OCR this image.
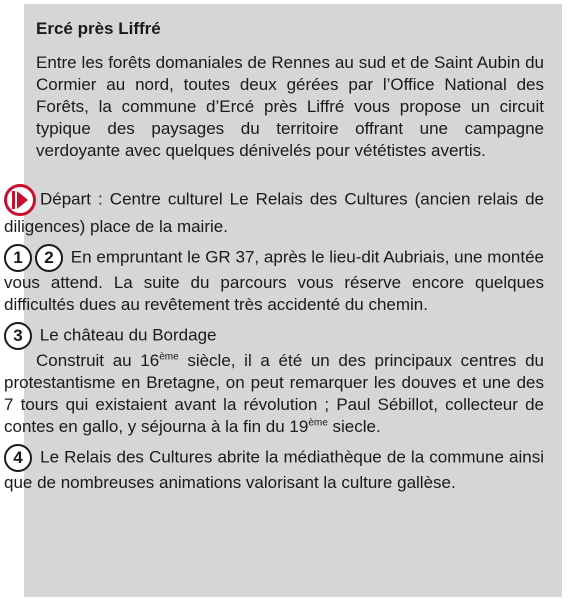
Ercé près Liffré

Entre les forêts domaniales de Rennes au sud et de Saint Aubin du Cormier au nord, toutes deux gérées par l’Office National des Forêts, la commune d’Ercé près Liffré vous propose un circuit typique des paysages du territoire offrant une campagne verdoyante avec quelques dénivelés pour vététistes avertis.

Départ : Centre culturel Le Relais des Cultures (ancien relais de diligences) place de la mairie.

1 2 En empruntant le GR 37, après le lieu-dit Aubriais, une montée vous attend. La suite du parcours vous réserve encore quelques difficultés dues au revêtement très accidenté du chemin.

3 Le château du Bordage
Construit au 16ème siècle, il a été un des principaux centres du protestantisme en Bretagne, on peut remarquer les douves et une des 7 tours qui existaient avant la révolution ; Paul Sébillot, collecteur de contes en gallo, y séjourna à la fin du 19ème siecle.

4 Le Relais des Cultures abrite la médiathèque de la commune ainsi que de nombreuses animations valorisant la culture gallèse.
